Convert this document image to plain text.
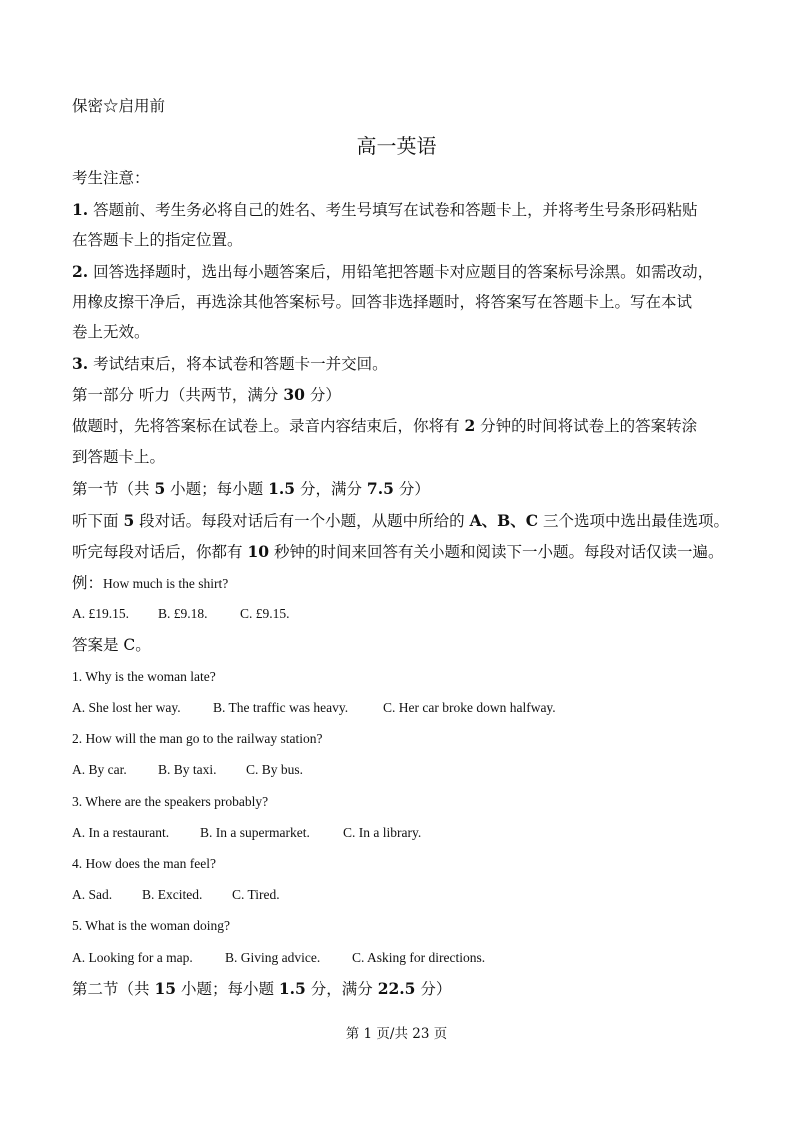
保密☆启用前
高一英语
考生注意：
1. 答题前、考生务必将自己的姓名、考生号填写在试卷和答题卡上，并将考生号条形码粘贴
在答题卡上的指定位置。
2. 回答选择题时，选出每小题答案后，用铅笔把答题卡对应题目的答案标号涂黑。如需改动，
用橡皮擦干净后，再选涂其他答案标号。回答非选择题时，将答案写在答题卡上。写在本试
卷上无效。
3. 考试结束后，将本试卷和答题卡一并交回。
第一部分 听力（共两节，满分 30 分）
做题时，先将答案标在试卷上。录音内容结束后，你将有 2 分钟的时间将试卷上的答案转涂
到答题卡上。
第一节（共 5 小题；每小题 1.5 分，满分 7.5 分）
听下面 5 段对话。每段对话后有一个小题，从题中所给的 A、B、C 三个选项中选出最佳选项。
听完每段对话后，你都有 10 秒钟的时间来回答有关小题和阅读下一小题。每段对话仅读一遍。
例：How much is the shirt?
A. £19.15. B. £9.18. C. £9.15.
答案是 C。
1. Why is the woman late?
A. She lost her way. B. The traffic was heavy.	C. Her car broke down halfway.
2. How will the man go to the railway station?
A. By car. B. By taxi. C. By bus.
3. Where are the speakers probably?
A. In a restaurant. B. In a supermarket. C. In a library.
4. How does the man feel?
A. Sad. B. Excited. C. Tired.
5. What is the woman doing?
A. Looking for a map. B. Giving advice. C. Asking for directions.
第二节（共 15 小题；每小题 1.5 分，满分 22.5 分）
第 1 页/共 23 页
